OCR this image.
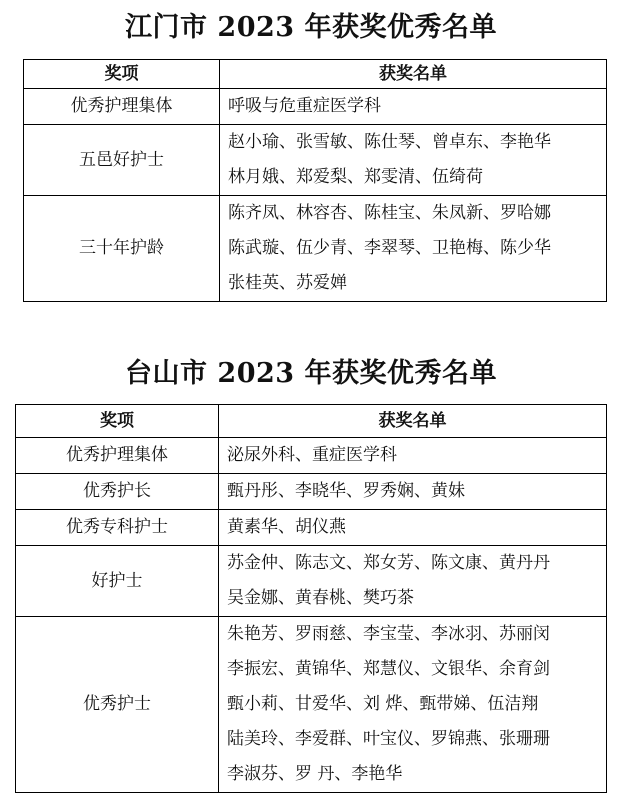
江门市 2023 年获奖优秀名单
奖项	获奖名单
优秀护理集体	呼吸与危重症医学科

五邑好护士	赵小瑜、张雪敏、陈仕琴、曾卓东、李艳华
林月娥、郑爱梨、郑雯清、伍绮荷

三十年护龄	陈齐凤、林容杏、陈桂宝、朱凤新、罗哈娜
陈武璇、伍少青、李翠琴、卫艳梅、陈少华
张桂英、苏爱婵
台山市 2023 年获奖优秀名单
奖项	获奖名单
优秀护理集体	泌尿外科、重症医学科

优秀护长	甄丹彤、李晓华、罗秀娴、黄妹

优秀专科护士	黄素华、胡仪燕

好护士	苏金仲、陈志文、郑女芳、陈文康、黄丹丹
吴金娜、黄春桃、樊巧茶

优秀护士	朱艳芳、罗雨慈、李宝莹、李冰羽、苏丽闵
李振宏、黄锦华、郑慧仪、文银华、余育剑
甄小莉、甘爱华、刘 烨、甄带娣、伍洁翔
陆美玲、李爱群、叶宝仪、罗锦燕、张珊珊
李淑芬、罗 丹、李艳华
